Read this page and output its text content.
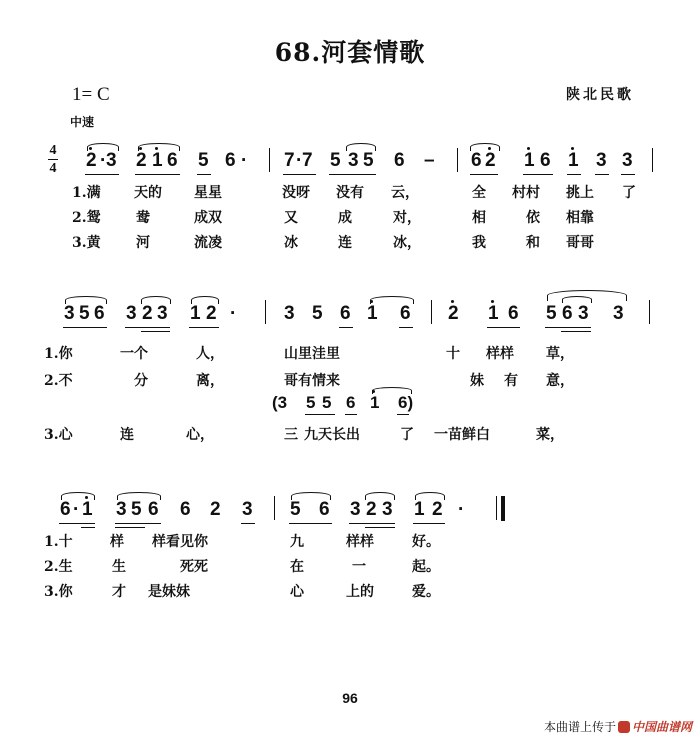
68.河套情歌
1= C	陕北民歌
中速
4
4 2 · 3 2 1 6 5 6 · 7 · 7 5 3 5 6 – 6 2 1 6 1 3 3
1.满 天的 星星	没呀 没有 云，	全 村村 挑上 了
2.鸳	鸯	成双	又	成	对，	相	依 相靠
3.黄	河	流凌	冰	连	冰，	我	和 哥哥
3 5 6 3 2 3 1 2 ·	3 5 6 1 6 2 1 6 5 6 3 3
1.你	一个	人，	山里洼里	十 样样 草，
2.不	分	离，	哥有情来	妹 有 意，
(3 5 5 6 1 6)
3.心	连	心，	三 九天长出	了 一苗鲜白	菜，
6 · 1 3 5 6 6 2 3 5 6 3 2 3 1 2 ·
1.十	样 样看见你	九	样样	好。
2.生	生	死死	在	一	起。
3.你	才 是妹妹	心	上的	爱。
96
本曲谱上传于 中国曲谱网
